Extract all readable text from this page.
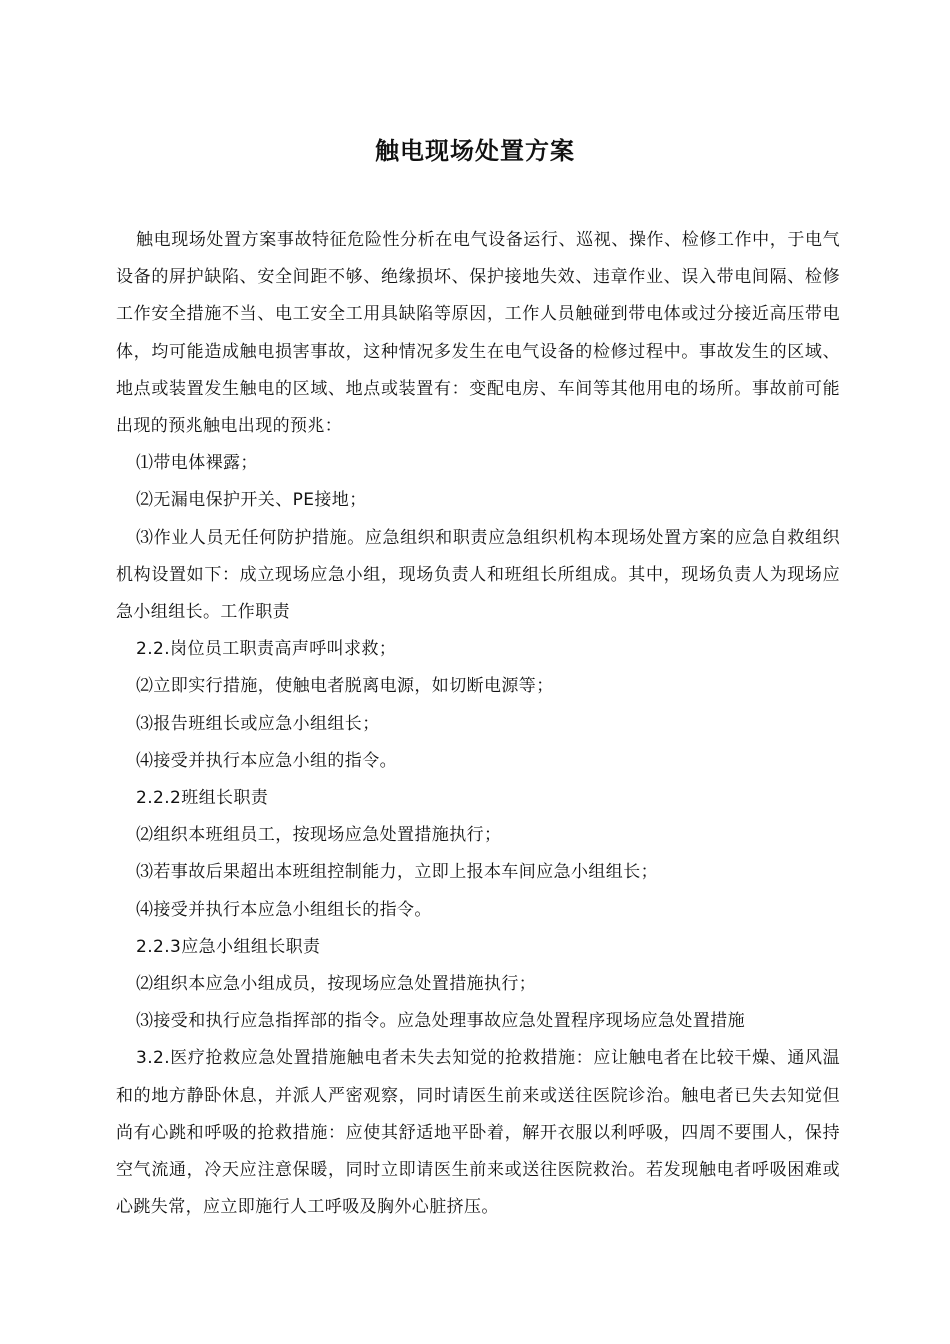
触电现场处置方案

触电现场处置方案事故特征危险性分析在电气设备运行、巡视、操作、检修工作中，于电气设备的屏护缺陷、安全间距不够、绝缘损坏、保护接地失效、违章作业、误入带电间隔、检修工作安全措施不当、电工安全工用具缺陷等原因，工作人员触碰到带电体或过分接近高压带电体，均可能造成触电损害事故，这种情况多发生在电气设备的检修过程中。事故发生的区域、地点或装置发生触电的区域、地点或装置有：变配电房、车间等其他用电的场所。事故前可能出现的预兆触电出现的预兆：

⑴带电体裸露；

⑵无漏电保护开关、PE接地；

⑶作业人员无任何防护措施。应急组织和职责应急组织机构本现场处置方案的应急自救组织机构设置如下：成立现场应急小组，现场负责人和班组长所组成。其中，现场负责人为现场应急小组组长。工作职责

2.2.岗位员工职责高声呼叫求救；

⑵立即实行措施，使触电者脱离电源，如切断电源等；

⑶报告班组长或应急小组组长；

⑷接受并执行本应急小组的指令。

2.2.2班组长职责

⑵组织本班组员工，按现场应急处置措施执行；

⑶若事故后果超出本班组控制能力，立即上报本车间应急小组组长；

⑷接受并执行本应急小组组长的指令。

2.2.3应急小组组长职责

⑵组织本应急小组成员，按现场应急处置措施执行；

⑶接受和执行应急指挥部的指令。应急处理事故应急处置程序现场应急处置措施

3.2.医疗抢救应急处置措施触电者未失去知觉的抢救措施：应让触电者在比较干燥、通风温和的地方静卧休息，并派人严密观察，同时请医生前来或送往医院诊治。触电者已失去知觉但尚有心跳和呼吸的抢救措施：应使其舒适地平卧着，解开衣服以利呼吸，四周不要围人，保持空气流通，冷天应注意保暖，同时立即请医生前来或送往医院救治。若发现触电者呼吸困难或心跳失常，应立即施行人工呼吸及胸外心脏挤压。
